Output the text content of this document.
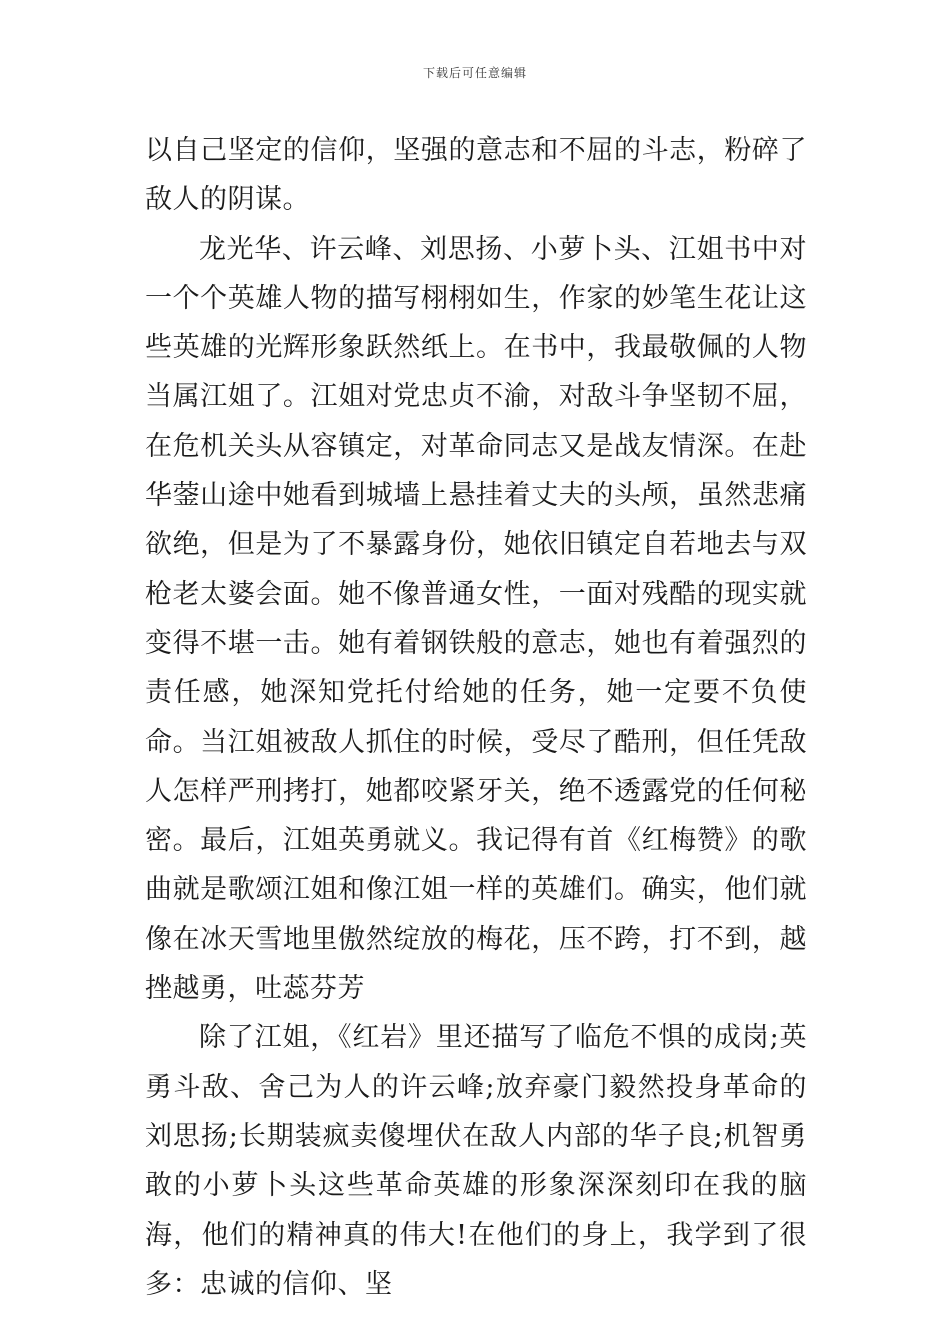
下载后可任意编辑

以自己坚定的信仰，坚强的意志和不屈的斗志，粉碎了敌人的阴谋。

龙光华、许云峰、刘思扬、小萝卜头、江姐书中对一个个英雄人物的描写栩栩如生，作家的妙笔生花让这些英雄的光辉形象跃然纸上。在书中，我最敬佩的人物当属江姐了。江姐对党忠贞不渝，对敌斗争坚韧不屈，在危机关头从容镇定，对革命同志又是战友情深。在赴华蓥山途中她看到城墙上悬挂着丈夫的头颅，虽然悲痛欲绝，但是为了不暴露身份，她依旧镇定自若地去与双枪老太婆会面。她不像普通女性，一面对残酷的现实就变得不堪一击。她有着钢铁般的意志，她也有着强烈的责任感，她深知党托付给她的任务，她一定要不负使命。当江姐被敌人抓住的时候，受尽了酷刑，但任凭敌人怎样严刑拷打，她都咬紧牙关，绝不透露党的任何秘密。最后，江姐英勇就义。我记得有首《红梅赞》的歌曲就是歌颂江姐和像江姐一样的英雄们。确实，他们就像在冰天雪地里傲然绽放的梅花，压不跨，打不到，越挫越勇，吐蕊芬芳

除了江姐，《红岩》里还描写了临危不惧的成岗;英勇斗敌、舍己为人的许云峰;放弃豪门毅然投身革命的刘思扬;长期装疯卖傻埋伏在敌人内部的华子良;机智勇敢的小萝卜头这些革命英雄的形象深深刻印在我的脑海，他们的精神真的伟大!在他们的身上，我学到了很多：忠诚的信仰、坚
